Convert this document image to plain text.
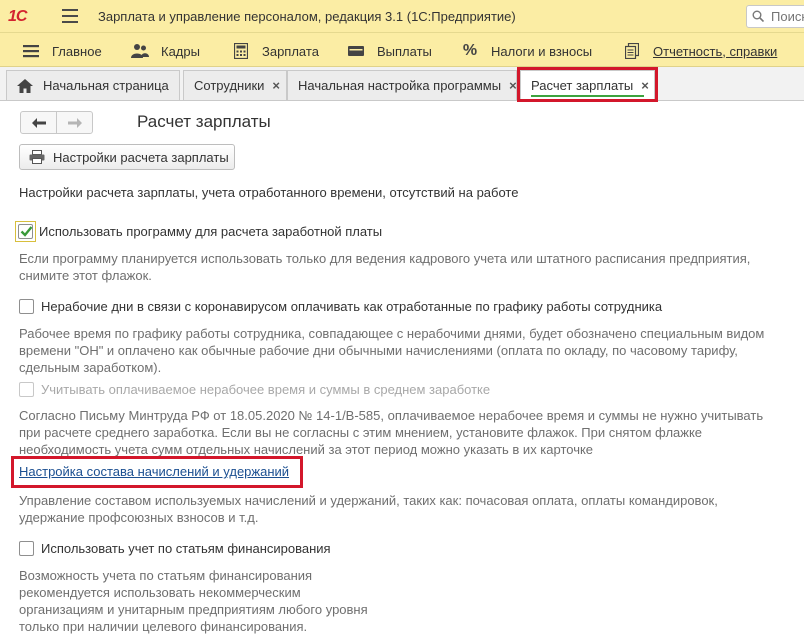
1С	Зарплата и управление персоналом, редакция 3.1 (1С:Предприятие)
Поиск
Главное	Кадры	Зарплата	Выплаты % Налоги и взносы	Отчетность, справки
Начальная страница Сотрудники × Начальная настройка программы × Расчет зарплаты ×
Расчет зарплаты
Настройки расчета зарплаты
Настройки расчета зарплаты, учета отработанного времени, отсутствий на работе
Использовать программу для расчета заработной платы
Если программу планируется использовать только для ведения кадрового учета или штатного расписания предприятия,
снимите этот флажок.
Нерабочие дни в связи с коронавирусом оплачивать как отработанные по графику работы сотрудника
Рабочее время по графику работы сотрудника, совпадающее с нерабочими днями, будет обозначено специальным видом
времени "ОН" и оплачено как обычные рабочие дни обычными начислениями (оплата по окладу, по часовому тарифу,
сдельным заработком).
Учитывать оплачиваемое нерабочее время и суммы в среднем заработке
Согласно Письму Минтруда РФ от 18.05.2020 № 14-1/В-585, оплачиваемое нерабочее время и суммы не нужно учитывать
при расчете среднего заработка. Если вы не согласны с этим мнением, установите флажок. При снятом флажке
необходимость учета сумм отдельных начислений за этот период можно указать в их карточке
Настройка состава начислений и удержаний
Управление составом используемых начислений и удержаний, таких как: почасовая оплата, оплаты командировок,
удержание профсоюзных взносов и т.д.
Использовать учет по статьям финансирования
Возможность учета по статьям финансирования
рекомендуется использовать некоммерческим
организациям и унитарным предприятиям любого уровня
только при наличии целевого финансирования.
